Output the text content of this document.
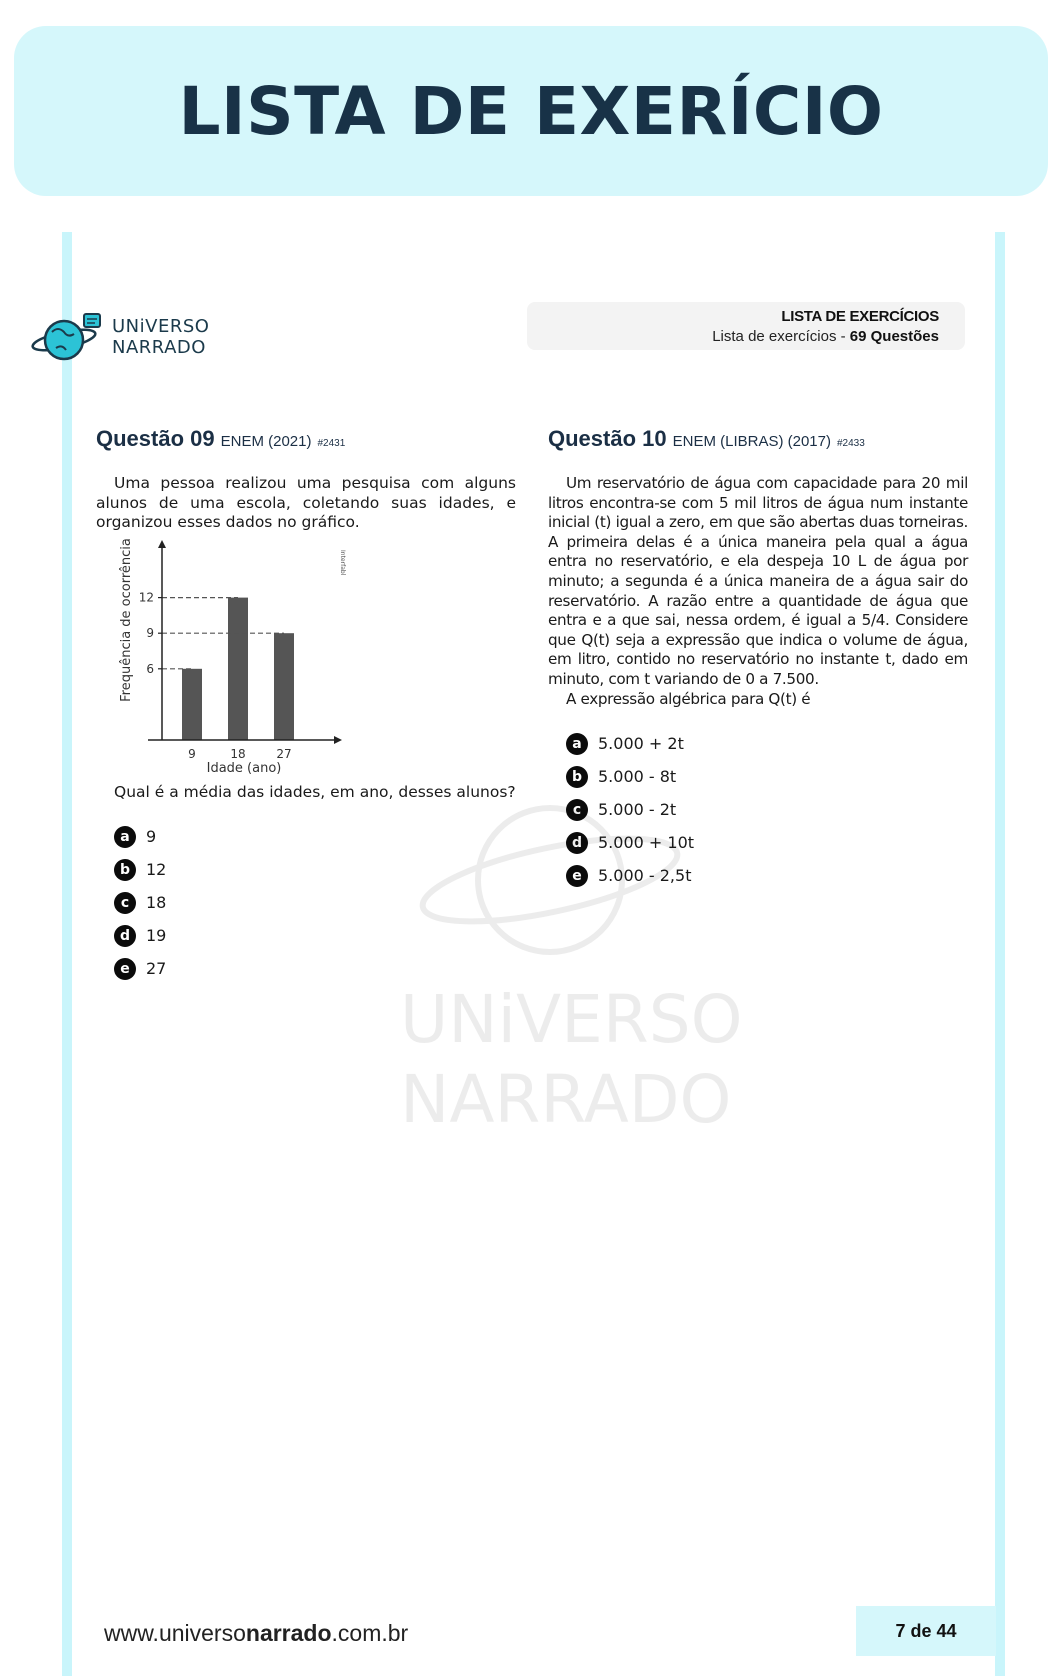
LISTA DE EXERÍCIO
UNiVERSO
NARRADO
LISTA DE EXERCÍCIOS
Lista de exercícios - 69 Questões
Questão 09 ENEM (2021) #2431

Uma pessoa realizou uma pesquisa com alguns alunos de uma escola, coletando suas idades, e organizou esses dados no gráfico.

Qual é a média das idades, em ano, desses alunos?

a	9
b 12
c	18
d 19
e	27
Frequência de ocorrência	Interfabl
Idade (ano)
9	18	27
6
9
12
Questão 10 ENEM (LIBRAS) (2017) #2433

Um reservatório de água com capacidade para 20 mil litros encontra-se com 5 mil litros de água num instante inicial (t) igual a zero, em que são abertas duas torneiras. A primeira delas é a única maneira pela qual a água entra no reservatório, e ela despeja 10 L de água por minuto; a segunda é a única maneira de a água sair do reservatório. A razão entre a quantidade de água que entra e a que sai, nessa ordem, é igual a 5/4. Considere que Q(t) seja a expressão que indica o volume de água, em litro, contido no reservatório no instante t, dado em minuto, com t variando de 0 a 7.500.

A expressão algébrica para Q(t) é

a	5.000 + 2t
b 5.000 - 8t
c	5.000 - 2t
d 5.000 + 10t
e	5.000 - 2,5t
UNiVERSO
NARRADO
www.universonarrado.com.br	7 de 44
